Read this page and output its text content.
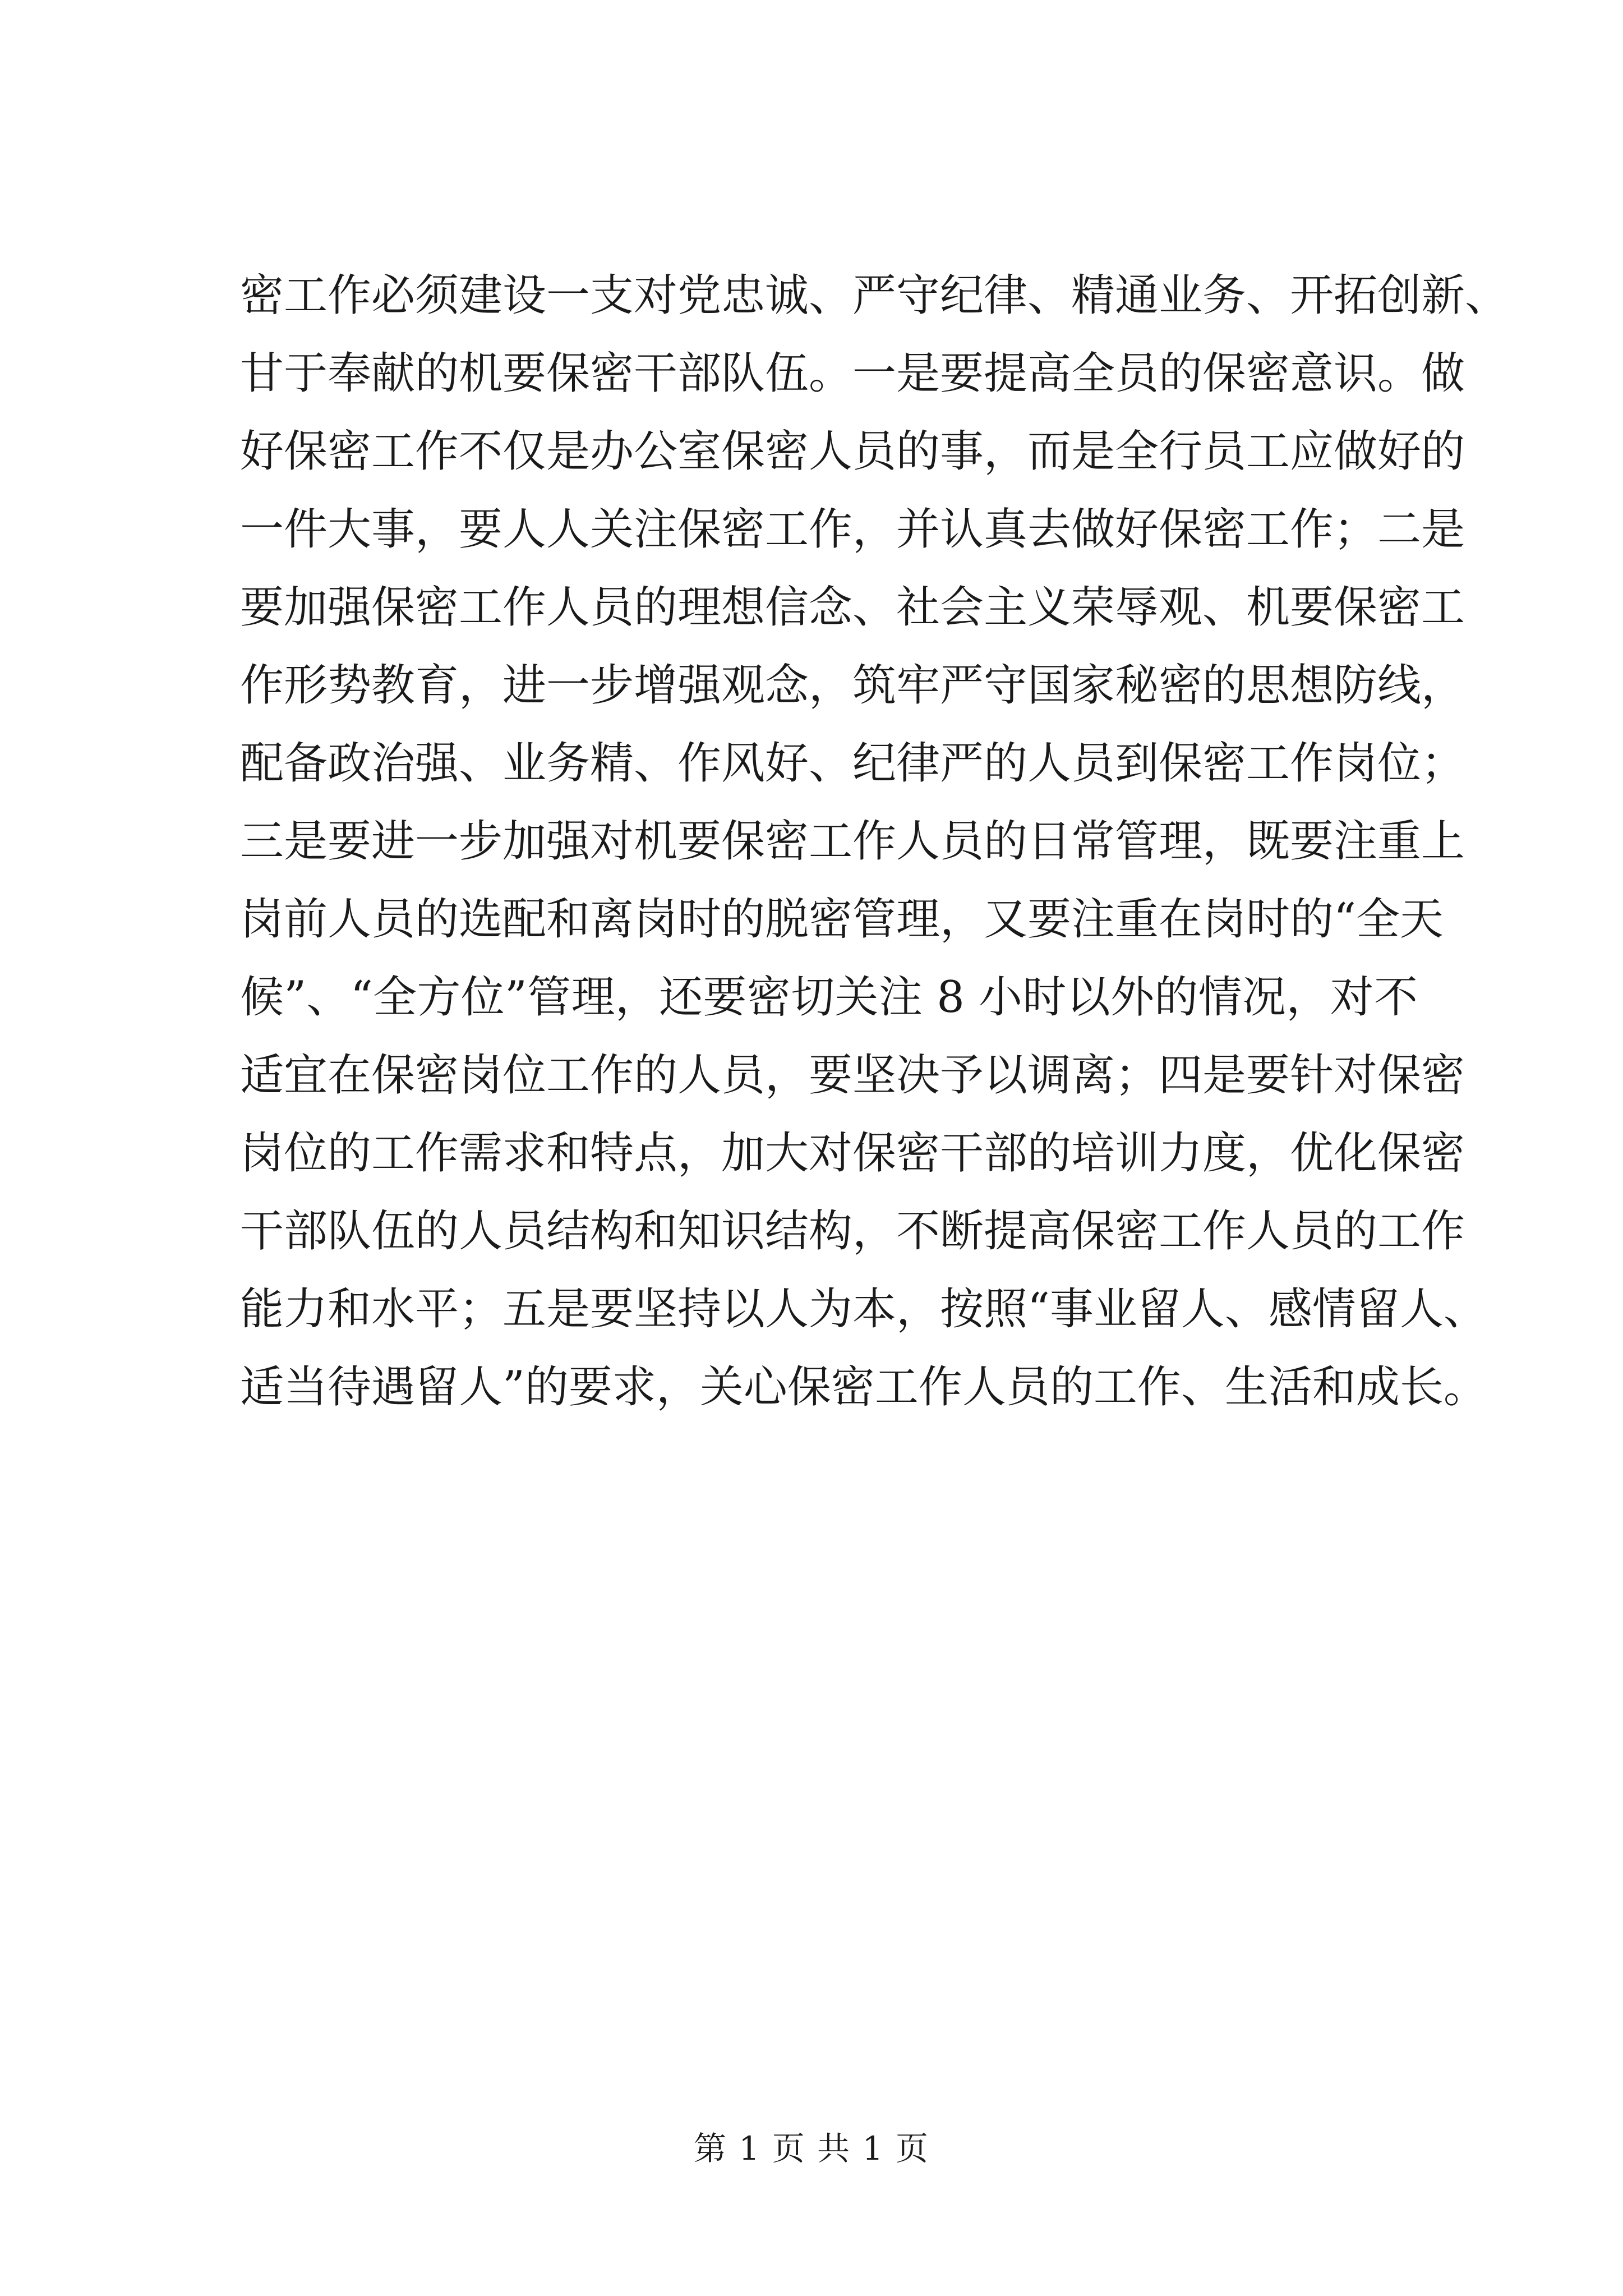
密工作必须建设一支对党忠诚、严守纪律、精通业务、开拓创新、
甘于奉献的机要保密干部队伍。一是要提高全员的保密意识。做
好保密工作不仅是办公室保密人员的事，而是全行员工应做好的
一件大事，要人人关注保密工作，并认真去做好保密工作；二是
要加强保密工作人员的理想信念、社会主义荣辱观、机要保密工
作形势教育，进一步增强观念，筑牢严守国家秘密的思想防线，
配备政治强、业务精、作风好、纪律严的人员到保密工作岗位；
三是要进一步加强对机要保密工作人员的日常管理，既要注重上
岗前人员的选配和离岗时的脱密管理，又要注重在岗时的“全天
候”、“全方位”管理，还要密切关注 8 小时以外的情况，对不
适宜在保密岗位工作的人员，要坚决予以调离；四是要针对保密
岗位的工作需求和特点，加大对保密干部的培训力度，优化保密
干部队伍的人员结构和知识结构，不断提高保密工作人员的工作
能力和水平；五是要坚持以人为本，按照“事业留人、感情留人、
适当待遇留人”的要求，关心保密工作人员的工作、生活和成长。
第 1 页 共 1 页
